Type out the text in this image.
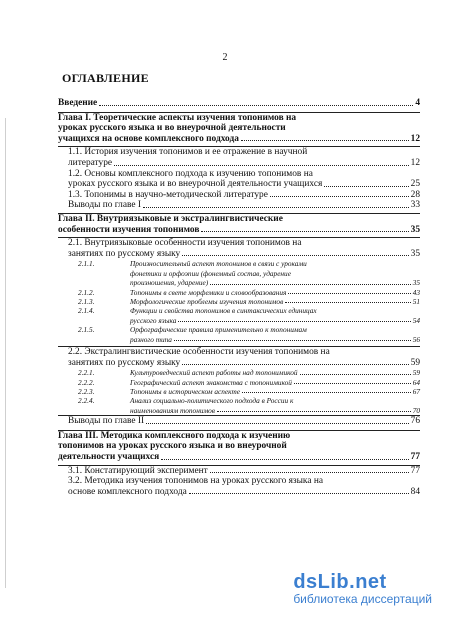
2
ОГЛАВЛЕНИЕ
Введение	4
Глава I. Теоретические аспекты изучения топонимов на
уроках русского языка и во внеурочной деятельности
учащихся на основе комплексного подхода	12
1.1. История изучения топонимов и ее отражение в научной
литературе	12
1.2. Основы комплексного подхода к изучению топонимов на
уроках русского языка и во внеурочной деятельности учащихся	25
1.3. Топонимы в научно-методической литературе	28
Выводы по главе I	33
Глава II. Внутриязыковые и экстралингвистические
особенности изучения топонимов	35
2.1. Внутриязыковые особенности изучения топонимов на
занятиях по русскому языку	35
2.1.1.	Произносительный аспект топонимов в связи с уроками
фонетики и орфоэпии (фонемный состав, ударение
произношения, ударение)	35
2.1.2.	Топонимы в свете морфемики и словообразования	43
2.1.3.	Морфологические проблемы изучения топонимов	51
2.1.4.	Функции и свойства топонимов в синтаксических единицах
русского языка	54
2.1.5.	Орфографические правила применительно к топонимам
разного типа	56
2.2. Экстралингвистические особенности изучения топонимов на
занятиях по русскому языку	59
2.2.1.	Культуроведческий аспект работы над топонимикой	59
2.2.2.	Географический аспект знакомства с топонимикой	64
2.2.3.	Топонимы в историческом аспекте	67
2.2.4.	Анализ социально-политического подхода в России к
наименованиям топонимов	70
Выводы по главе II	76
Глава III. Методика комплексного подхода к изучению
топонимов на уроках русского языка и во внеурочной
деятельности учащихся	77
3.1. Констатирующий эксперимент	77
3.2. Методика изучения топонимов на уроках русского языка на
основе комплексного подхода	84
dsLib.net
библиотека диссертаций
